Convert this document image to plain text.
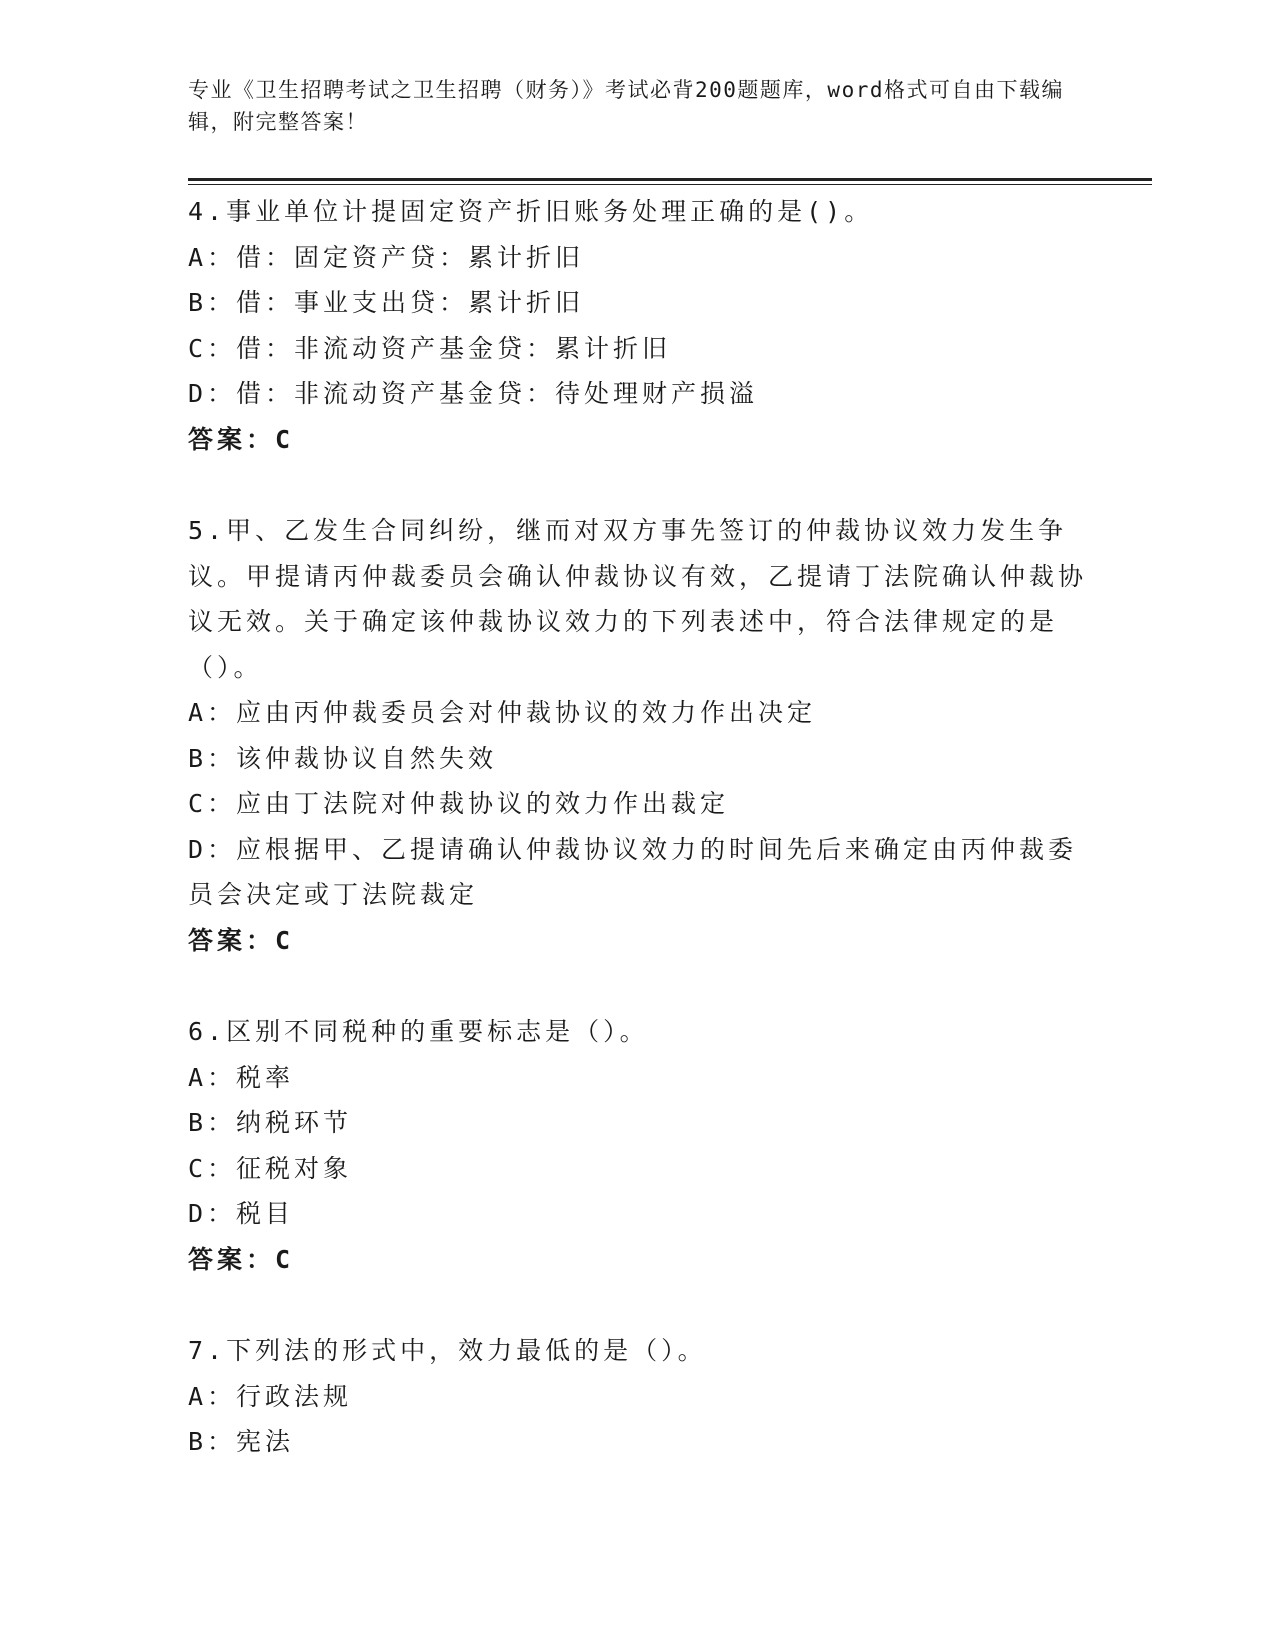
专业《卫生招聘考试之卫生招聘（财务）》考试必背200题题库，word格式可自由下载编辑，附完整答案！

4.事业单位计提固定资产折旧账务处理正确的是()。

A：借：固定资产贷：累计折旧

B：借：事业支出贷：累计折旧

C：借：非流动资产基金贷：累计折旧

D：借：非流动资产基金贷：待处理财产损溢

答案：C

5.甲、乙发生合同纠纷，继而对双方事先签订的仲裁协议效力发生争议。甲提请丙仲裁委员会确认仲裁协议有效，乙提请丁法院确认仲裁协议无效。关于确定该仲裁协议效力的下列表述中，符合法律规定的是（）。

A：应由丙仲裁委员会对仲裁协议的效力作出决定

B：该仲裁协议自然失效

C：应由丁法院对仲裁协议的效力作出裁定

D：应根据甲、乙提请确认仲裁协议效力的时间先后来确定由丙仲裁委员会决定或丁法院裁定

答案：C

6.区别不同税种的重要标志是（）。

A：税率

B：纳税环节

C：征税对象

D：税目

答案：C

7.下列法的形式中，效力最低的是（）。

A：行政法规

B：宪法
